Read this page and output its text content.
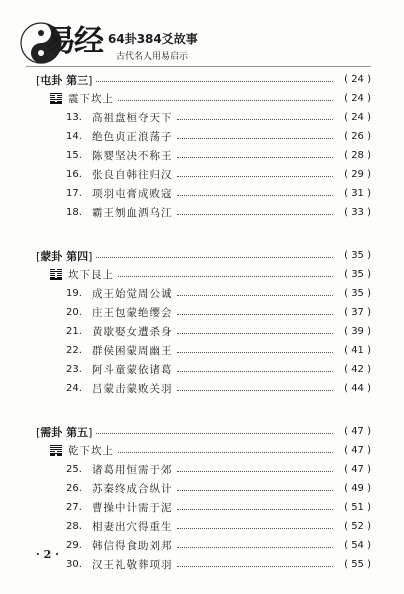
易经 64卦384爻故事
古代名人用易启示
[屯卦 第三]	( 24 )
震下坎上	( 24 )
13. 高祖盘桓夺天下	( 24 )
14. 绝色贞正浪荡子	( 26 )
15. 陈婴坚决不称王	( 28 )
16. 张良自韩往归汉	( 29 )
17. 项羽屯膏成败寇	( 31 )
18. 霸王刎血洒乌江	( 33 )
[蒙卦 第四]	( 35 )
坎下艮上	( 35 )
19. 成王始觉周公诚	( 35 )
20. 庄王包蒙绝缨会	( 37 )
21. 黄歇娶女遭杀身	( 39 )
22. 群侯困蒙周幽王	( 41 )
23. 阿斗童蒙依诸葛	( 42 )
24. 吕蒙击蒙败关羽	( 44 )
[需卦 第五]	( 47 )
乾下坎上	( 47 )
25. 诸葛用恒需于郊	( 47 )
26. 苏秦终成合纵计	( 49 )
27. 曹操中计需于泥	( 51 )
28. 相妻出穴得重生	( 52 )
29. 韩信得食助刘邦	( 54 )
30. 汉王礼敬葬项羽	( 55 )
· 2 ·
